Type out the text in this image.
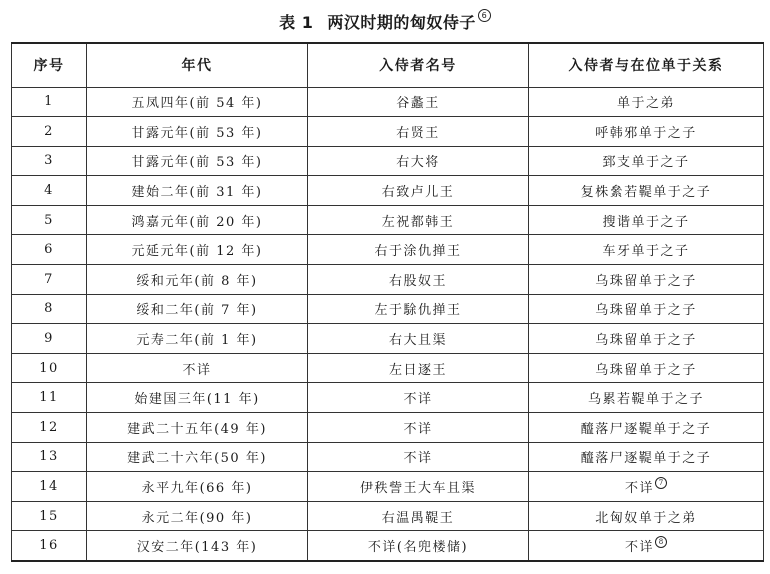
表 1 两汉时期的匈奴侍子 6
序号	年代	入侍者名号	入侍者与在位单于关系
1	五凤四年(前 54 年)	谷蠡王	单于之弟
2	甘露元年(前 53 年)	右贤王	呼韩邪单于之子
3	甘露元年(前 53 年)	右大将	郅支单于之子
4	建始二年(前 31 年)	右致卢儿王	复株絫若鞮单于之子
5	鸿嘉元年(前 20 年)	左祝都韩王	搜谐单于之子
6	元延元年(前 12 年)	右于涂仇掸王	车牙单于之子
7	绥和元年(前 8 年)	右股奴王	乌珠留单于之子
8	绥和二年(前 7 年)	左于駼仇掸王	乌珠留单于之子
9	元寿二年(前 1 年)	右大且渠	乌珠留单于之子
10	不详	左日逐王	乌珠留单于之子
11	始建国三年(11 年)	不详	乌累若鞮单于之子
12	建武二十五年(49 年)	不详	醯落尸逐鞮单于之子
13	建武二十六年(50 年)	不详	醯落尸逐鞮单于之子
14	永平九年(66 年)	伊秩訾王大车且渠	不详 7
15	永元二年(90 年)	右温禺鞮王	北匈奴单于之弟
16	汉安二年(143 年)	不详(名兜楼储)	不详 8
